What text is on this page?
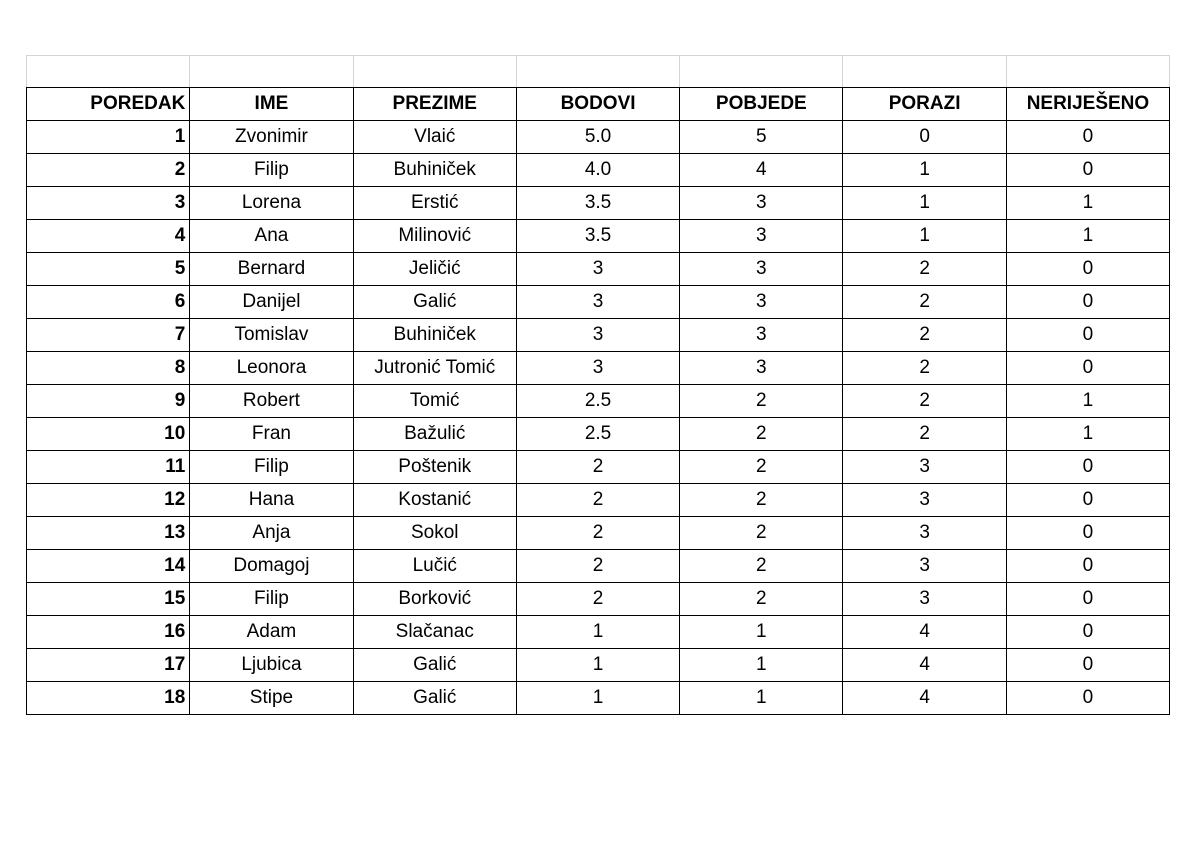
POREDAK	IME	PREZIME	BODOVI	POBJEDE	PORAZI	NERIJEŠENO
1	Zvonimir	Vlaić	5.0	5	0	0
2	Filip	Buhiniček	4.0	4	1	0
3	Lorena	Erstić	3.5	3	1	1
4	Ana	Milinović	3.5	3	1	1
5	Bernard	Jeličić	3	3	2	0
6	Danijel	Galić	3	3	2	0
7	Tomislav	Buhiniček	3	3	2	0
8	Leonora	Jutronić Tomić	3	3	2	0
9	Robert	Tomić	2.5	2	2	1
10	Fran	Bažulić	2.5	2	2	1
11	Filip	Poštenik	2	2	3	0
12	Hana	Kostanić	2	2	3	0
13	Anja	Sokol	2	2	3	0
14	Domagoj	Lučić	2	2	3	0
15	Filip	Borković	2	2	3	0
16	Adam	Slačanac	1	1	4	0
17	Ljubica	Galić	1	1	4	0
18	Stipe	Galić	1	1	4	0
